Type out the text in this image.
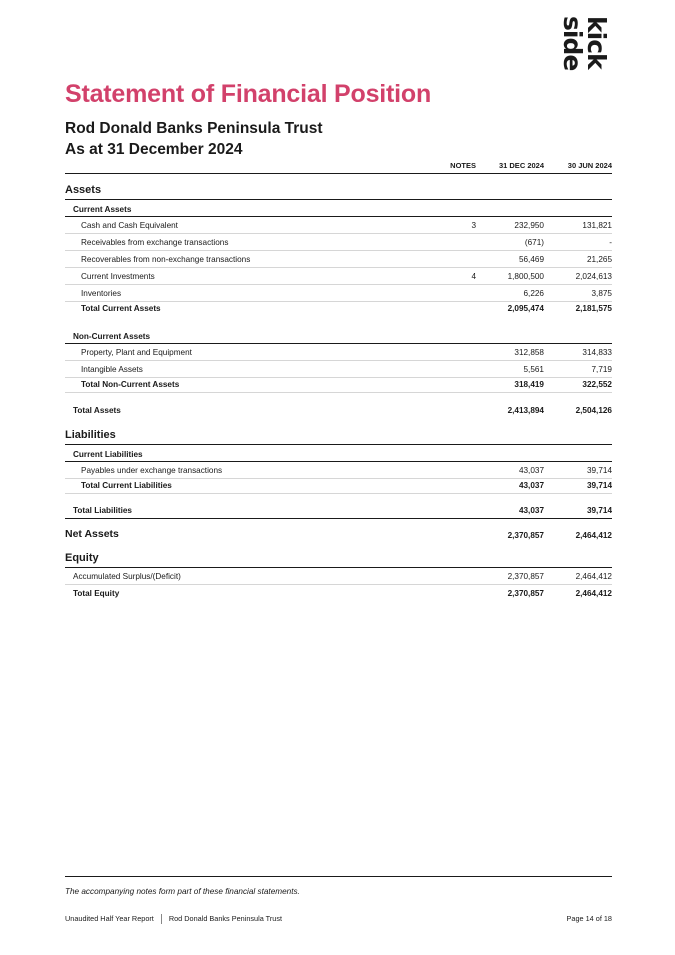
kick
side
Statement of Financial Position
Rod Donald Banks Peninsula Trust
As at 31 December 2024
NOTES	31 DEC 2024	30 JUN 2024
Assets
Current Assets
Cash and Cash Equivalent	3	232,950	131,821
Receivables from exchange transactions	(671)	-
Recoverables from non-exchange transactions	56,469	21,265
Current Investments	4	1,800,500	2,024,613
Inventories	6,226	3,875
Total Current Assets	2,095,474	2,181,575
Non-Current Assets
Property, Plant and Equipment	312,858	314,833
Intangible Assets	5,561	7,719
Total Non-Current Assets	318,419	322,552
Total Assets	2,413,894	2,504,126
Liabilities
Current Liabilities
Payables under exchange transactions	43,037	39,714
Total Current Liabilities	43,037	39,714
Total Liabilities	43,037	39,714
Net Assets	2,370,857	2,464,412
Equity
Accumulated Surplus/(Deficit)	2,370,857	2,464,412
Total Equity	2,370,857	2,464,412
The accompanying notes form part of these financial statements.
Unaudited Half Year Report Rod Donald Banks Peninsula Trust	Page 14 of 18
